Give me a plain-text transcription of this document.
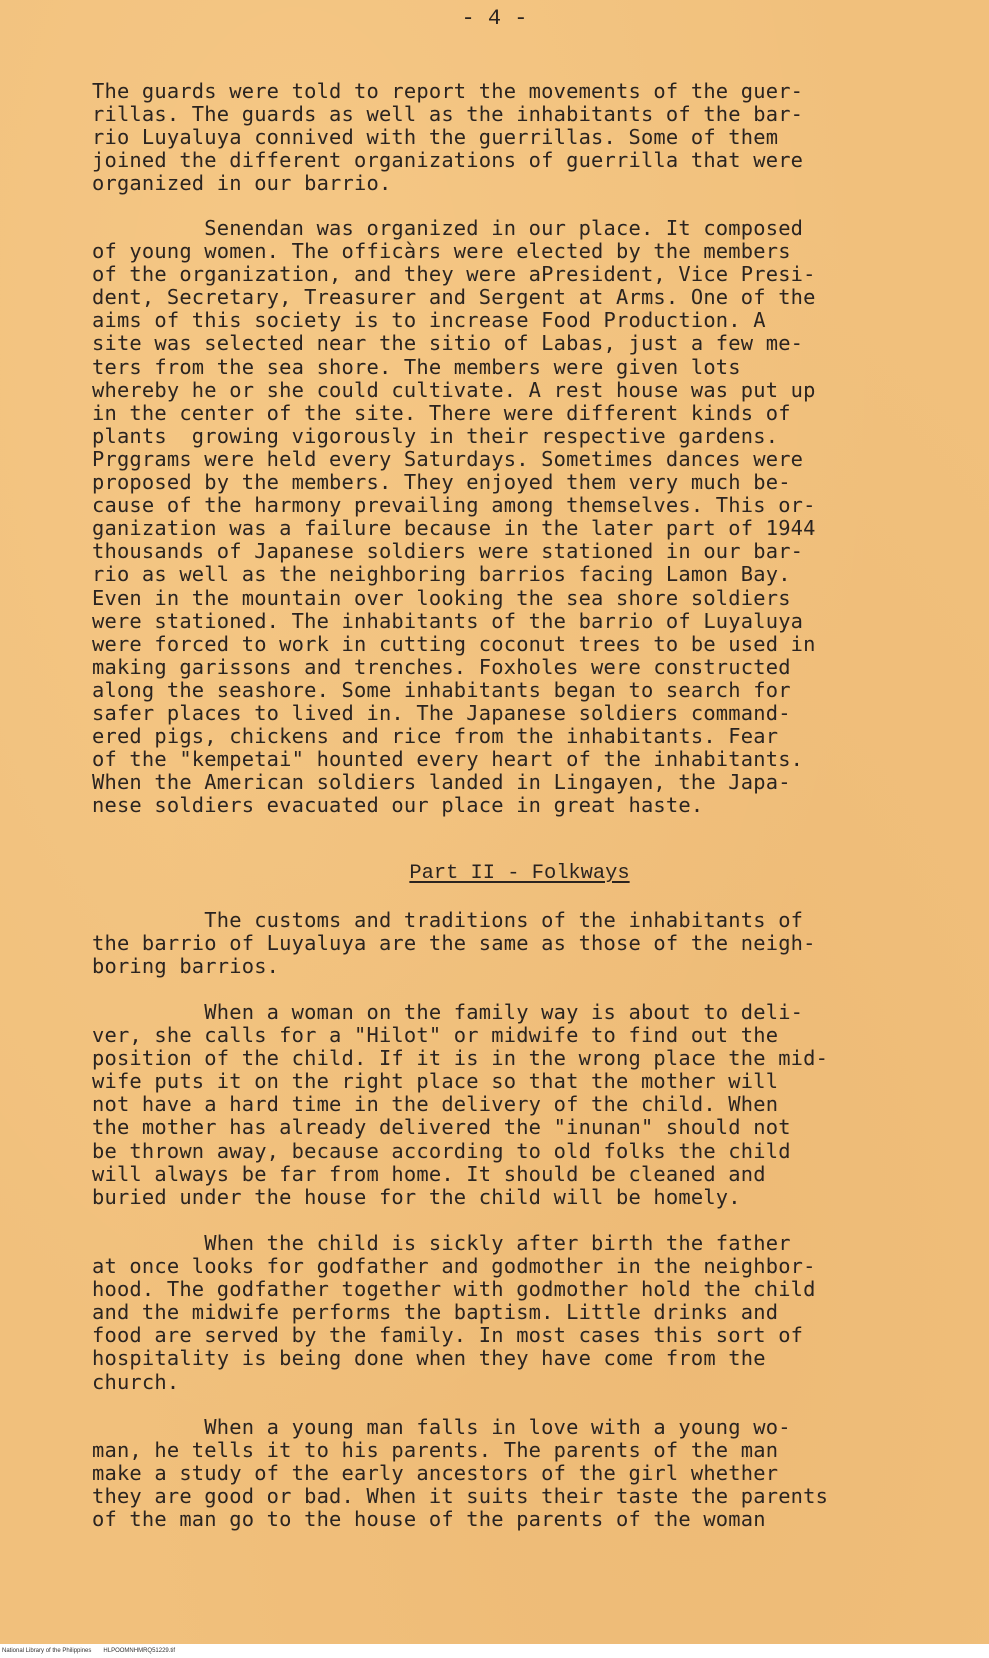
- 4 -
The guards were told to report the movements of the guer-
rillas. The guards as well as the inhabitants of the bar-
rio Luyaluya connived with the guerrillas. Some of them
joined the different organizations of guerrilla that were
organized in our barrio.
Senendan was organized in our place. It composed
of young women. The officàrs were elected by the members
of the organization, and they were aPresident, Vice Presi-
dent, Secretary, Treasurer and Sergent at Arms. One of the
aims of this society is to increase Food Production. A
site was selected near the sitio of Labas, just a few me-
ters from the sea shore. The members were given lots
whereby he or she could cultivate. A rest house was put up
in the center of the site. There were different kinds of
plants  growing vigorously in their respective gardens.
Prggrams were held every Saturdays. Sometimes dances were
proposed by the members. They enjoyed them very much be-
cause of the harmony prevailing among themselves. This or-
ganization was a failure because in the later part of 1944
thousands of Japanese soldiers were stationed in our bar-
rio as well as the neighboring barrios facing Lamon Bay.
Even in the mountain over looking the sea shore soldiers
were stationed. The inhabitants of the barrio of Luyaluya
were forced to work in cutting coconut trees to be used in
making garissons and trenches. Foxholes were constructed
along the seashore. Some inhabitants began to search for
safer places to lived in. The Japanese soldiers command-
ered pigs, chickens and rice from the inhabitants. Fear
of the "kempetai" hounted every heart of the inhabitants.
When the American soldiers landed in Lingayen, the Japa-
nese soldiers evacuated our place in great haste.
Part II - Folkways
The customs and traditions of the inhabitants of
the barrio of Luyaluya are the same as those of the neigh-
boring barrios.
When a woman on the family way is about to deli-
ver, she calls for a "Hilot" or midwife to find out the
position of the child. If it is in the wrong place the mid-
wife puts it on the right place so that the mother will
not have a hard time in the delivery of the child. When
the mother has already delivered the "inunan" should not
be thrown away, because according to old folks the child
will always be far from home. It should be cleaned and
buried under the house for the child will be homely.
When the child is sickly after birth the father
at once looks for godfather and godmother in the neighbor-
hood. The godfather together with godmother hold the child
and the midwife performs the baptism. Little drinks and
food are served by the family. In most cases this sort of
hospitality is being done when they have come from the
church.
When a young man falls in love with a young wo-
man, he tells it to his parents. The parents of the man
make a study of the early ancestors of the girl whether
they are good or bad. When it suits their taste the parents
of the man go to the house of the parents of the woman
National Library of the Philippines HLPOOMNHMRQ51229.tif
